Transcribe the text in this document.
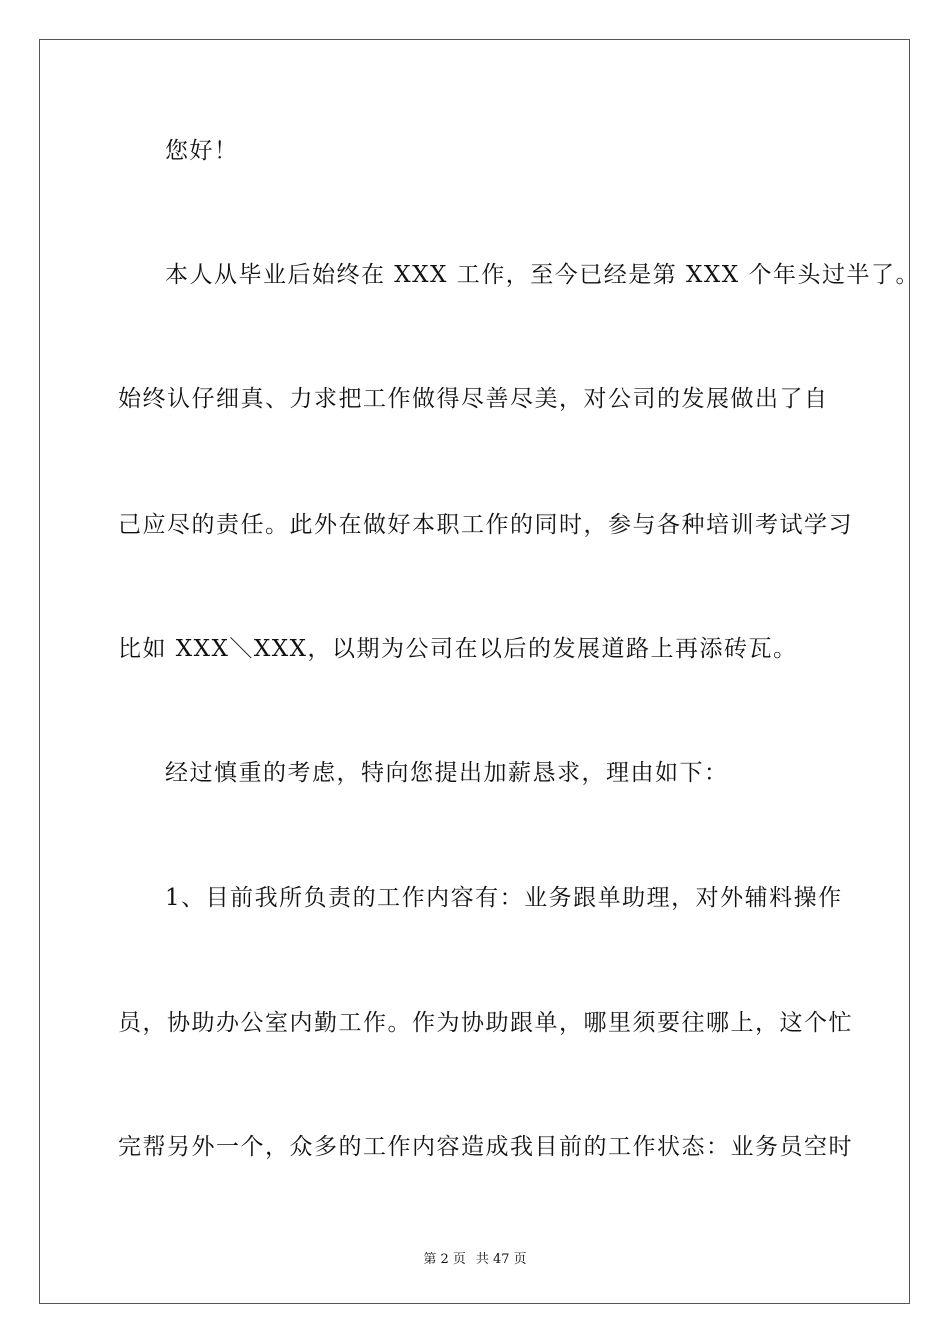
您好！
本人从毕业后始终在 XXX 工作，至今已经是第 XXX 个年头过半了。
始终认仔细真、力求把工作做得尽善尽美，对公司的发展做出了自
己应尽的责任。此外在做好本职工作的同时，参与各种培训考试学习
比如 XXX＼XXX，以期为公司在以后的发展道路上再添砖瓦。
经过慎重的考虑，特向您提出加薪恳求，理由如下：
1、目前我所负责的工作内容有：业务跟单助理，对外辅料操作
员，协助办公室内勤工作。作为协助跟单，哪里须要往哪上，这个忙
完帮另外一个，众多的工作内容造成我目前的工作状态：业务员空时
第 2 页 共 47 页
